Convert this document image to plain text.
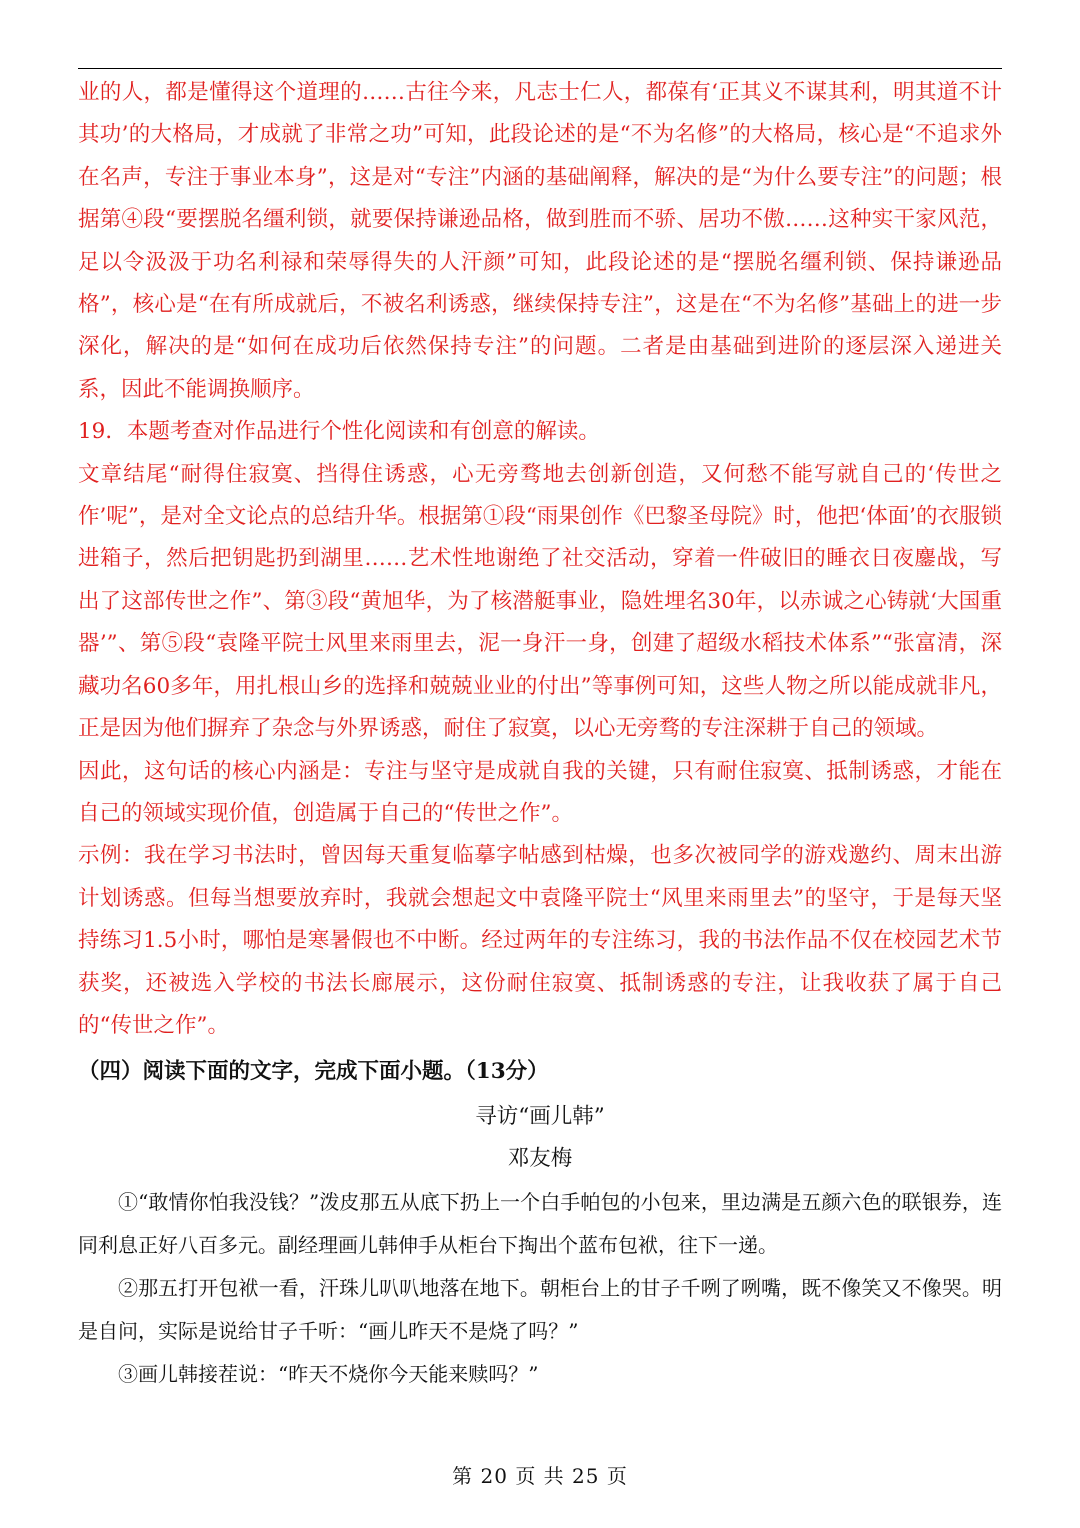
业的人，都是懂得这个道理的……古往今来，凡志士仁人，都葆有‘正其义不谋其利，明其道不计其功’的大格局，才成就了非常之功”可知，此段论述的是“不为名修”的大格局，核心是“不追求外在名声，专注于事业本身”，这是对“专注”内涵的基础阐释，解决的是“为什么要专注”的问题；根据第④段“要摆脱名缰利锁，就要保持谦逊品格，做到胜而不骄、居功不傲……这种实干家风范，足以令汲汲于功名利禄和荣辱得失的人汗颜”可知，此段论述的是“摆脱名缰利锁、保持谦逊品格”，核心是“在有所成就后，不被名利诱惑，继续保持专注”，这是在“不为名修”基础上的进一步深化，解决的是“如何在成功后依然保持专注”的问题。二者是由基础到进阶的逐层深入递进关系，因此不能调换顺序。

19．本题考查对作品进行个性化阅读和有创意的解读。

文章结尾“耐得住寂寞、挡得住诱惑，心无旁骛地去创新创造，又何愁不能写就自己的‘传世之作’呢”，是对全文论点的总结升华。根据第①段“雨果创作《巴黎圣母院》时，他把‘体面’的衣服锁进箱子，然后把钥匙扔到湖里……艺术性地谢绝了社交活动，穿着一件破旧的睡衣日夜鏖战，写出了这部传世之作”、第③段“黄旭华，为了核潜艇事业，隐姓埋名30年，以赤诚之心铸就‘大国重器’”、第⑤段“袁隆平院士风里来雨里去，泥一身汗一身，创建了超级水稻技术体系”“张富清，深藏功名60多年，用扎根山乡的选择和兢兢业业的付出”等事例可知，这些人物之所以能成就非凡，正是因为他们摒弃了杂念与外界诱惑，耐住了寂寞，以心无旁骛的专注深耕于自己的领域。

因此，这句话的核心内涵是：专注与坚守是成就自我的关键，只有耐住寂寞、抵制诱惑，才能在自己的领域实现价值，创造属于自己的“传世之作”。

示例：我在学习书法时，曾因每天重复临摹字帖感到枯燥，也多次被同学的游戏邀约、周末出游计划诱惑。但每当想要放弃时，我就会想起文中袁隆平院士“风里来雨里去”的坚守，于是每天坚持练习1.5小时，哪怕是寒暑假也不中断。经过两年的专注练习，我的书法作品不仅在校园艺术节获奖，还被选入学校的书法长廊展示，这份耐住寂寞、抵制诱惑的专注，让我收获了属于自己的“传世之作”。

（四）阅读下面的文字，完成下面小题。（13分）

寻访“画儿韩”

邓友梅

①“敢情你怕我没钱？”泼皮那五从底下扔上一个白手帕包的小包来，里边满是五颜六色的联银券，连同利息正好八百多元。副经理画儿韩伸手从柜台下掏出个蓝布包袱，往下一递。

②那五打开包袱一看，汗珠儿叭叭地落在地下。朝柜台上的甘子千咧了咧嘴，既不像笑又不像哭。明是自问，实际是说给甘子千听：“画儿昨天不是烧了吗？”

③画儿韩接茬说：“昨天不烧你今天能来赎吗？”

第 20 页 共 25 页
